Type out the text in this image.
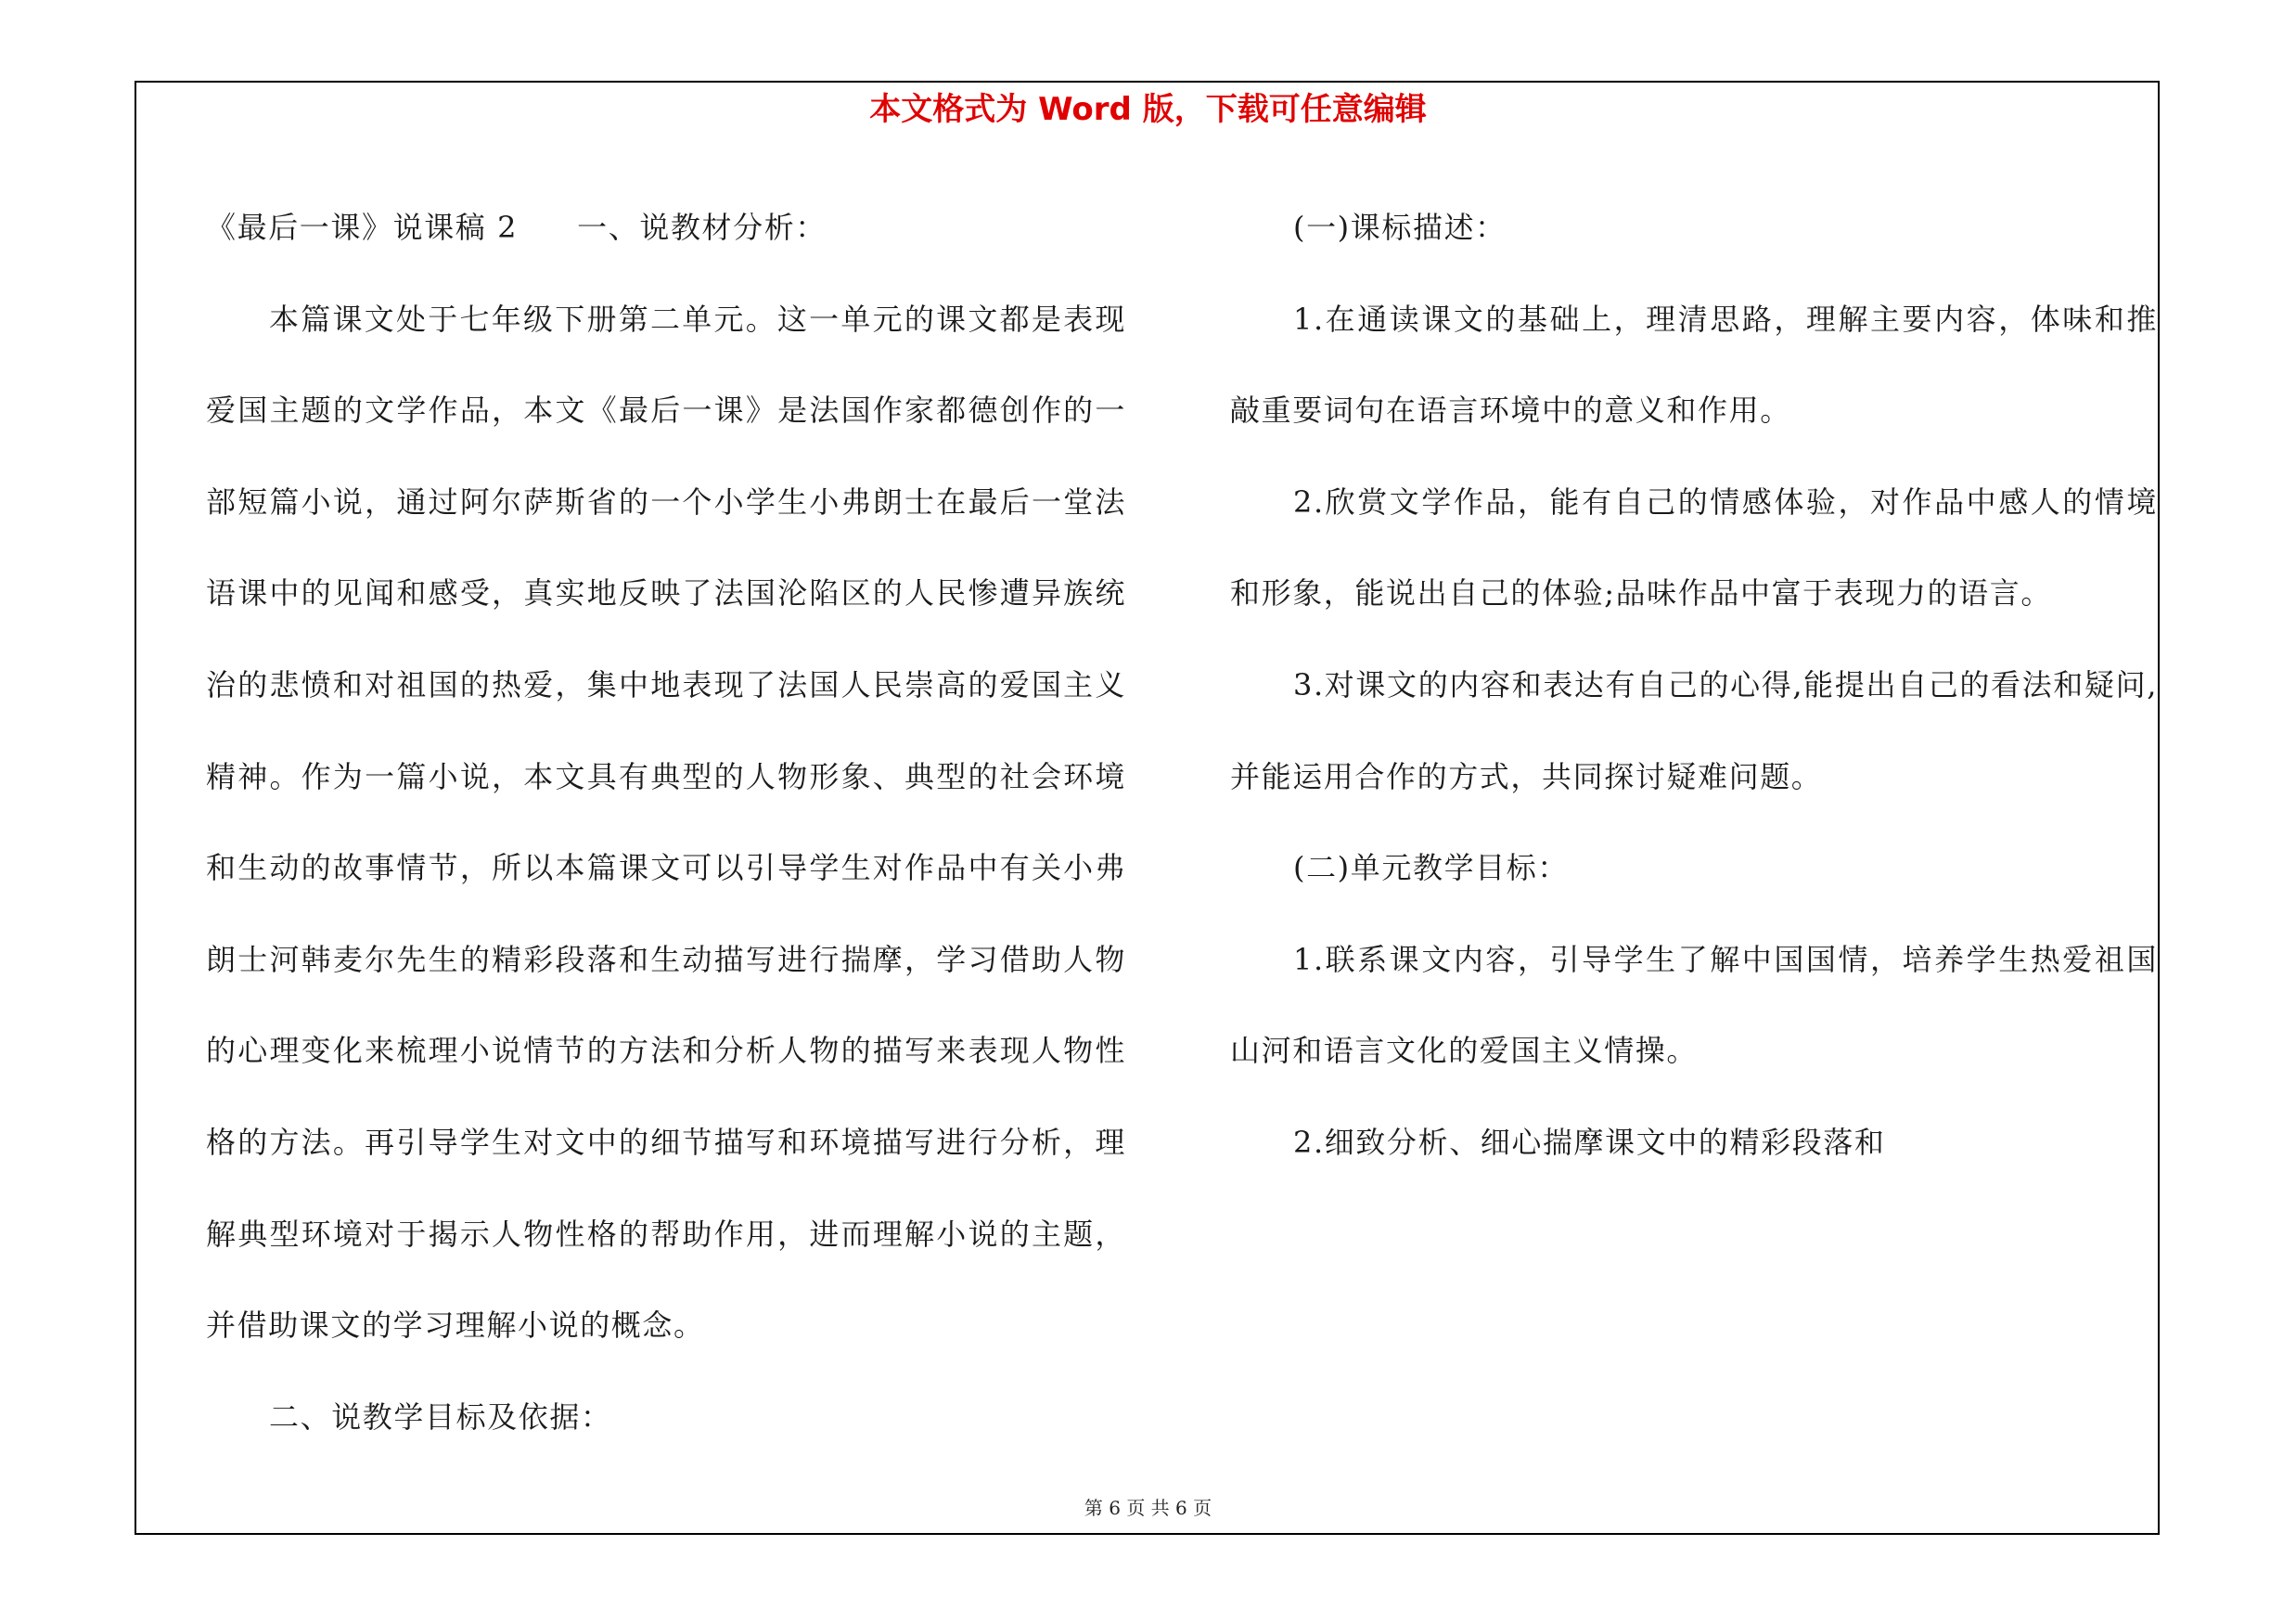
本文格式为 Word 版，下载可任意编辑

《最后一课》说课稿 2 一、说教材分析：

本篇课文处于七年级下册第二单元。这一单元的课文都是表现爱国主题的文学作品，本文《最后一课》是法国作家都德创作的一部短篇小说，通过阿尔萨斯省的一个小学生小弗朗士在最后一堂法语课中的见闻和感受，真实地反映了法国沦陷区的人民惨遭异族统治的悲愤和对祖国的热爱，集中地表现了法国人民崇高的爱国主义精神。作为一篇小说，本文具有典型的人物形象、典型的社会环境和生动的故事情节，所以本篇课文可以引导学生对作品中有关小弗朗士河韩麦尔先生的精彩段落和生动描写进行揣摩，学习借助人物的心理变化来梳理小说情节的方法和分析人物的描写来表现人物性格的方法。再引导学生对文中的细节描写和环境描写进行分析，理解典型环境对于揭示人物性格的帮助作用，进而理解小说的主题，并借助课文的学习理解小说的概念。

二、说教学目标及依据：

(一)课标描述：

1.在通读课文的基础上，理清思路，理解主要内容，体味和推敲重要词句在语言环境中的意义和作用。

2.欣赏文学作品，能有自己的情感体验，对作品中感人的情境和形象，能说出自己的体验;品味作品中富于表现力的语言。

3.对课文的内容和表达有自己的心得,能提出自己的看法和疑问,并能运用合作的方式，共同探讨疑难问题。

(二)单元教学目标：

1.联系课文内容，引导学生了解中国国情，培养学生热爱祖国山河和语言文化的爱国主义情操。

2.细致分析、细心揣摩课文中的精彩段落和

第 6 页 共 6 页
